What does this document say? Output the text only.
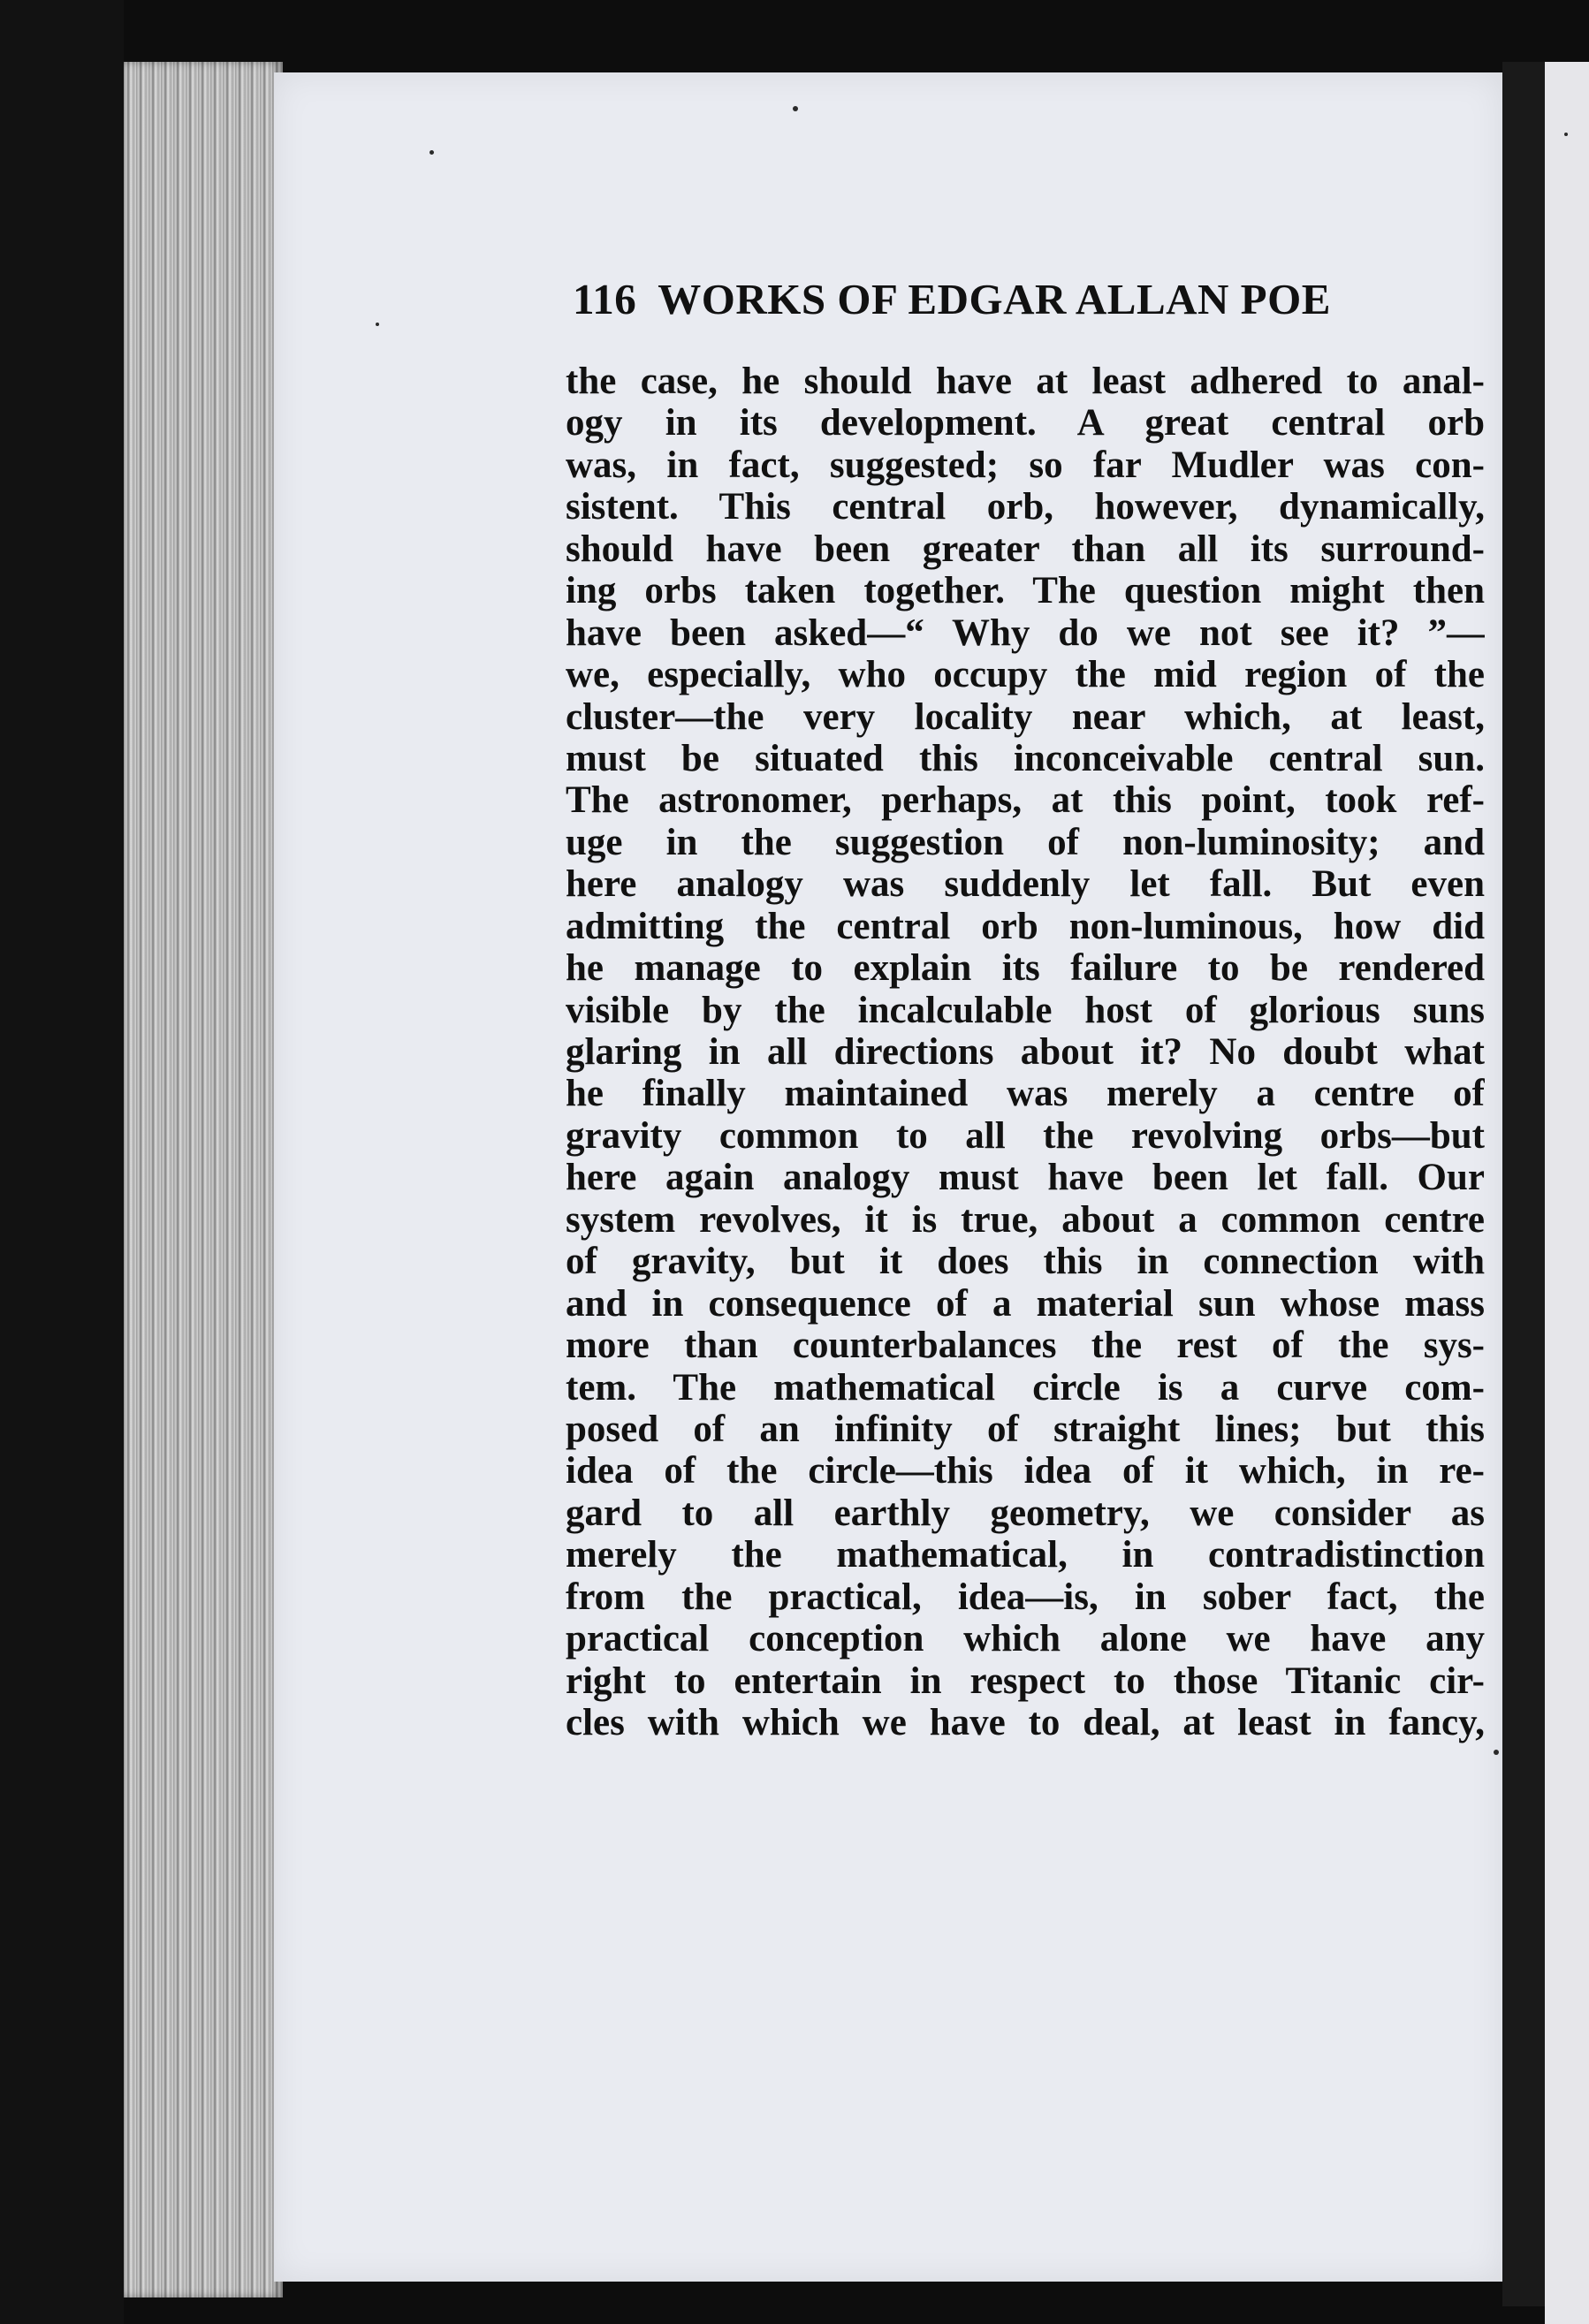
116 WORKS OF EDGAR ALLAN POE
the case, he should have at least adhered to anal-
ogy in its development. A great central orb
was, in fact, suggested; so far Mudler was con-
sistent. This central orb, however, dynamically,
should have been greater than all its surround-
ing orbs taken together. The question might then
have been asked—“ Why do we not see it? ”—
we, especially, who occupy the mid region of the
cluster—the very locality near which, at least,
must be situated this inconceivable central sun.
The astronomer, perhaps, at this point, took ref-
uge in the suggestion of non-luminosity; and
here analogy was suddenly let fall. But even
admitting the central orb non-luminous, how did
he manage to explain its failure to be rendered
visible by the incalculable host of glorious suns
glaring in all directions about it? No doubt what
he finally maintained was merely a centre of
gravity common to all the revolving orbs—but
here again analogy must have been let fall. Our
system revolves, it is true, about a common centre
of gravity, but it does this in connection with
and in consequence of a material sun whose mass
more than counterbalances the rest of the sys-
tem. The mathematical circle is a curve com-
posed of an infinity of straight lines; but this
idea of the circle—this idea of it which, in re-
gard to all earthly geometry, we consider as
merely the mathematical, in contradistinction
from the practical, idea—is, in sober fact, the
practical conception which alone we have any
right to entertain in respect to those Titanic cir-
cles with which we have to deal, at least in fancy,
